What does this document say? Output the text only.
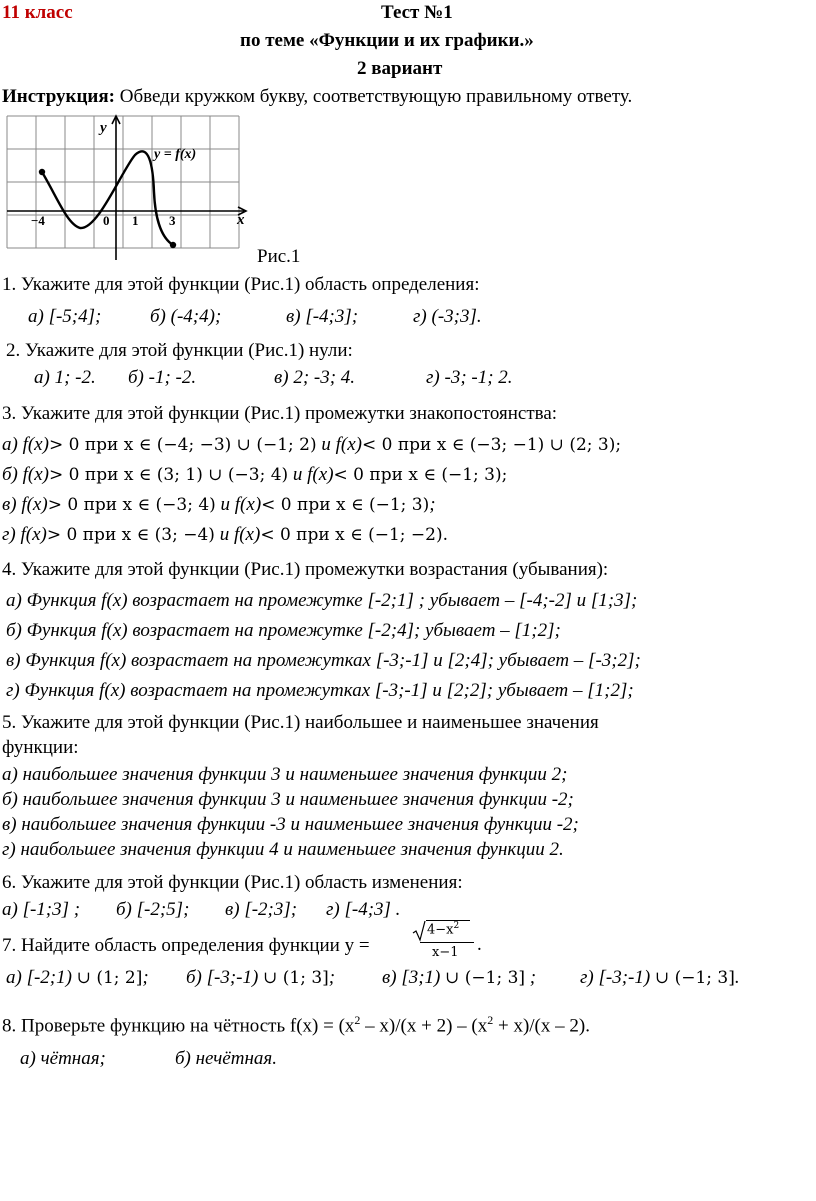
11 класс	Тест №1
по теме «Функции и их графики.»
2 вариант
Инструкция: Обведи кружком букву, соответствующую правильному ответу.
y
x
y = f(x)
−4	0 1 3
Рис.1
1. Укажите для этой функции (Рис.1) область определения:
а) [-5;4];	б) (-4;4);	в) [-4;3];	г) (-3;3].
2. Укажите для этой функции (Рис.1) нули:
а) 1; -2. б) -1; -2.	в) 2; -3; 4.	г) -3; -1; 2.
3. Укажите для этой функции (Рис.1) промежутки знакопостоянства:
а) f(x)> 0 при x ∈ (−4; −3) ∪ (−1; 2) и f(x)< 0 при x ∈ (−3; −1) ∪ (2; 3);
б) f(x)> 0 при x ∈ (3; 1) ∪ (−3; 4) и f(x)< 0 при x ∈ (−1; 3);
в) f(x)> 0 при x ∈ (−3; 4) и f(x)< 0 при x ∈ (−1; 3);
г) f(x)> 0 при x ∈ (3; −4) и f(x)< 0 при x ∈ (−1; −2).
4. Укажите для этой функции (Рис.1) промежутки возрастания (убывания):
а) Функция f(x) возрастает на промежутке [-2;1] ; убывает – [-4;-2] и [1;3];
б) Функция f(x) возрастает на промежутке [-2;4]; убывает – [1;2];
в) Функция f(x) возрастает на промежутках [-3;-1] и [2;4]; убывает – [-3;2];
г) Функция f(x) возрастает на промежутках [-3;-1] и [2;2]; убывает – [1;2];
5. Укажите для этой функции (Рис.1) наибольшее и наименьшее значения
функции:
а) наибольшее значения функции 3 и наименьшее значения функции 2;
б) наибольшее значения функции 3 и наименьшее значения функции -2;
в) наибольшее значения функции -3 и наименьшее значения функции -2;
г) наибольшее значения функции 4 и наименьшее значения функции 2.
6. Укажите для этой функции (Рис.1) область изменения:
а) [-1;3] ; б) [-2;5]; в) [-2;3]; г) [-4;3] .
7. Найдите область определения функции y =
$4-x^2$
x−1 .
а) [-2;1) ∪ (1; 2]; б) [-3;-1) ∪ (1; 3]; в) [3;1) ∪ (−1; 3] ; г) [-3;-1) ∪ (−1; 3].
8. Проверьте функцию на чётность $f(x) = (x^2 - x)/(x + 2) - (x^2 + x)/(x - 2)$.
а) чётная;	б) нечётная.
